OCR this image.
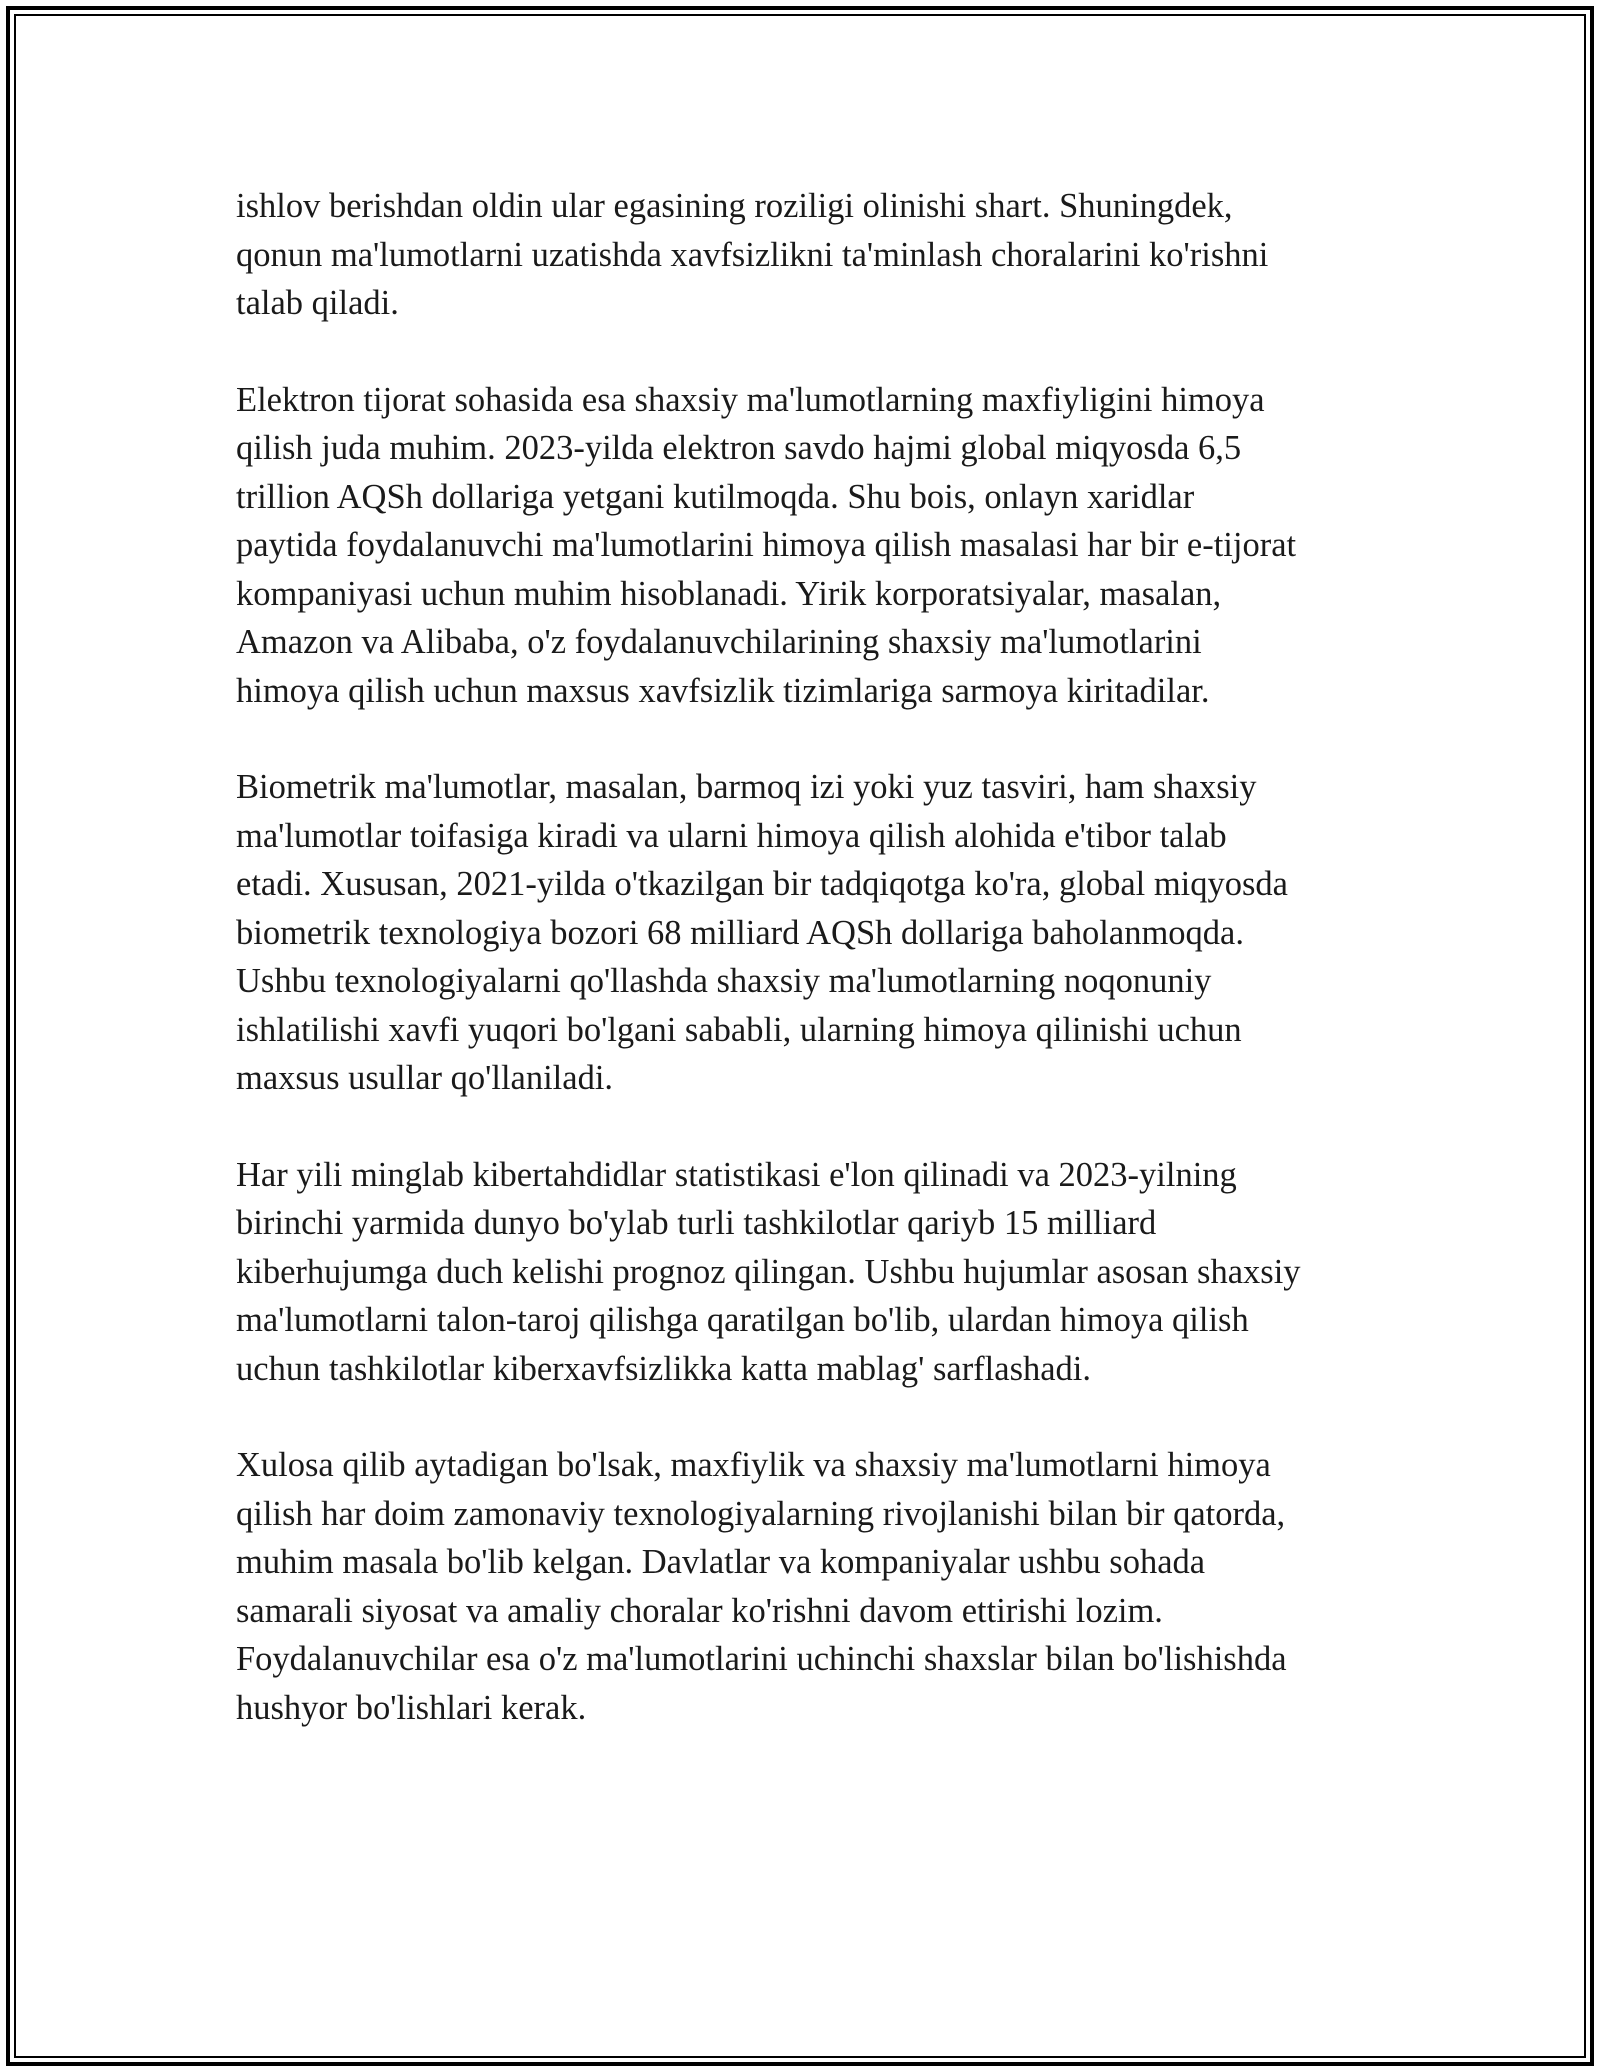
ishlov berishdan oldin ular egasining roziligi olinishi shart. Shuningdek,
qonun ma'lumotlarni uzatishda xavfsizlikni ta'minlash choralarini ko'rishni
talab qiladi.

Elektron tijorat sohasida esa shaxsiy ma'lumotlarning maxfiyligini himoya
qilish juda muhim. 2023-yilda elektron savdo hajmi global miqyosda 6,5
trillion AQSh dollariga yetgani kutilmoqda. Shu bois, onlayn xaridlar
paytida foydalanuvchi ma'lumotlarini himoya qilish masalasi har bir e-tijorat
kompaniyasi uchun muhim hisoblanadi. Yirik korporatsiyalar, masalan,
Amazon va Alibaba, o'z foydalanuvchilarining shaxsiy ma'lumotlarini
himoya qilish uchun maxsus xavfsizlik tizimlariga sarmoya kiritadilar.

Biometrik ma'lumotlar, masalan, barmoq izi yoki yuz tasviri, ham shaxsiy
ma'lumotlar toifasiga kiradi va ularni himoya qilish alohida e'tibor talab
etadi. Xususan, 2021-yilda o'tkazilgan bir tadqiqotga ko'ra, global miqyosda
biometrik texnologiya bozori 68 milliard AQSh dollariga baholanmoqda.
Ushbu texnologiyalarni qo'llashda shaxsiy ma'lumotlarning noqonuniy
ishlatilishi xavfi yuqori bo'lgani sababli, ularning himoya qilinishi uchun
maxsus usullar qo'llaniladi.

Har yili minglab kibertahdidlar statistikasi e'lon qilinadi va 2023-yilning
birinchi yarmida dunyo bo'ylab turli tashkilotlar qariyb 15 milliard
kiberhujumga duch kelishi prognoz qilingan. Ushbu hujumlar asosan shaxsiy
ma'lumotlarni talon-taroj qilishga qaratilgan bo'lib, ulardan himoya qilish
uchun tashkilotlar kiberxavfsizlikka katta mablag' sarflashadi.

Xulosa qilib aytadigan bo'lsak, maxfiylik va shaxsiy ma'lumotlarni himoya
qilish har doim zamonaviy texnologiyalarning rivojlanishi bilan bir qatorda,
muhim masala bo'lib kelgan. Davlatlar va kompaniyalar ushbu sohada
samarali siyosat va amaliy choralar ko'rishni davom ettirishi lozim.
Foydalanuvchilar esa o'z ma'lumotlarini uchinchi shaxslar bilan bo'lishishda
hushyor bo'lishlari kerak.
